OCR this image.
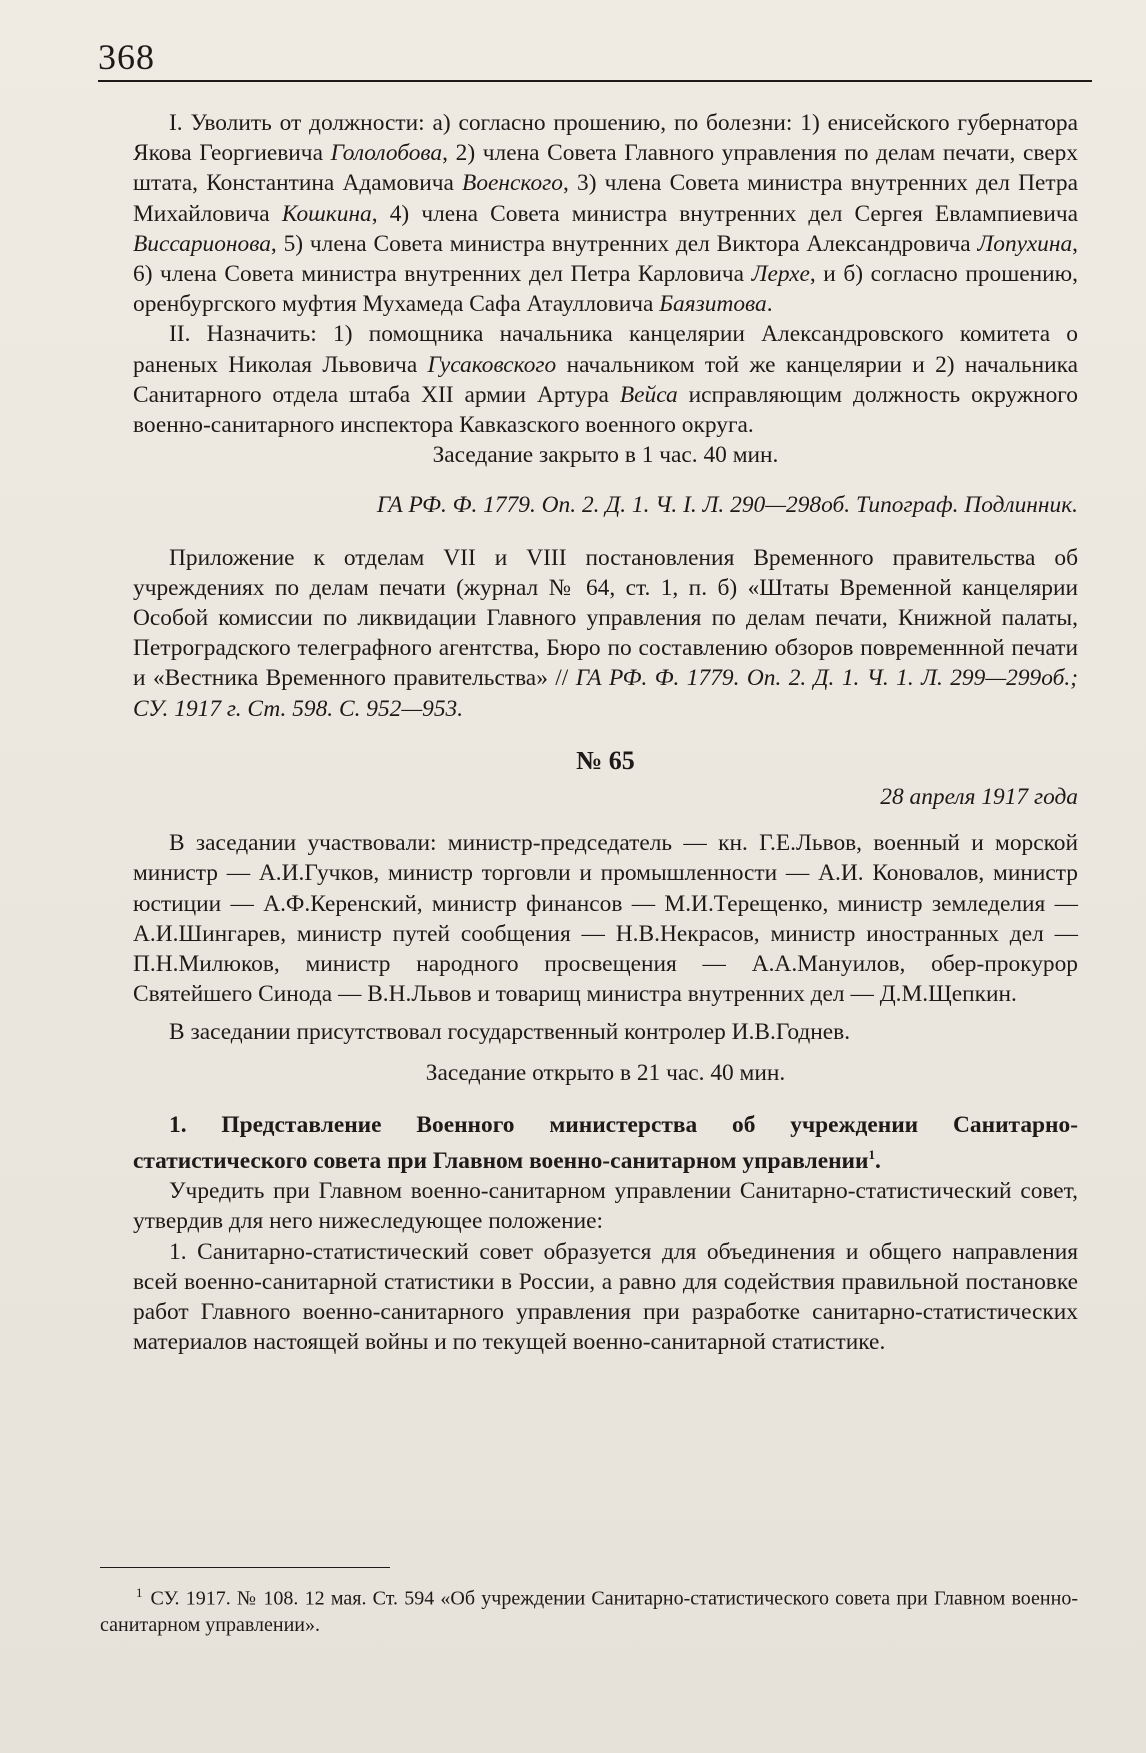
368

I. Уволить от должности: а) согласно прошению, по болезни: 1) енисейского губернатора Якова Георгиевича Гололобова, 2) члена Совета Главного управления по делам печати, сверх штата, Константина Адамовича Военского, 3) члена Совета министра внутренних дел Петра Михайловича Кошкина, 4) члена Совета министра внутренних дел Сергея Евлампиевича Виссарионова, 5) члена Совета министра внутренних дел Виктора Александровича Лопухина, 6) члена Совета министра внутренних дел Петра Карловича Лерхе, и б) согласно прошению, оренбургского муфтия Мухамеда Сафа Атаулловича Баязитова.

II. Назначить: 1) помощника начальника канцелярии Александровского комитета о раненых Николая Львовича Гусаковского начальником той же канцелярии и 2) начальника Санитарного отдела штаба XII армии Артура Вейса исправляющим должность окружного военно-санитарного инспектора Кавказского военного округа.

Заседание закрыто в 1 час. 40 мин.

ГА РФ. Ф. 1779. Оп. 2. Д. 1. Ч. I. Л. 290—298об. Типограф. Подлинник.

Приложение к отделам VII и VIII постановления Временного правительства об учреждениях по делам печати (журнал № 64, ст. 1, п. б) «Штаты Временной канцелярии Особой комиссии по ликвидации Главного управления по делам печати, Книжной палаты, Петроградского телеграфного агентства, Бюро по составлению обзоров повременнной печати и «Вестника Временного правительства» // ГА РФ. Ф. 1779. Оп. 2. Д. 1. Ч. 1. Л. 299—299об.; СУ. 1917 г. Ст. 598. С. 952—953.

№ 65

28 апреля 1917 года

В заседании участвовали: министр-председатель — кн. Г.Е.Львов, военный и морской министр — А.И.Гучков, министр торговли и промышленности — А.И. Коновалов, министр юстиции — А.Ф.Керенский, министр финансов — М.И.Терещенко, министр земледелия — А.И.Шингарев, министр путей сообщения — Н.В.Некрасов, министр иностранных дел — П.Н.Милюков, министр народного просвещения — А.А.Мануилов, обер-прокурор Святейшего Синода — В.Н.Львов и товарищ министра внутренних дел — Д.М.Щепкин.

В заседании присутствовал государственный контролер И.В.Годнев.

Заседание открыто в 21 час. 40 мин.

1. Представление Военного министерства об учреждении Санитарно-статистического совета при Главном военно-санитарном управлении$^1$.

Учредить при Главном военно-санитарном управлении Санитарно-статистический совет, утвердив для него нижеследующее положение:

1. Санитарно-статистический совет образуется для объединения и общего направления всей военно-санитарной статистики в России, а равно для содействия правильной постановке работ Главного военно-санитарного управления при разработке санитарно-статистических материалов настоящей войны и по текущей военно-санитарной статистике.

$^1$ СУ. 1917. № 108. 12 мая. Ст. 594 «Об учреждении Санитарно-статистического совета при Главном военно-санитарном управлении».
